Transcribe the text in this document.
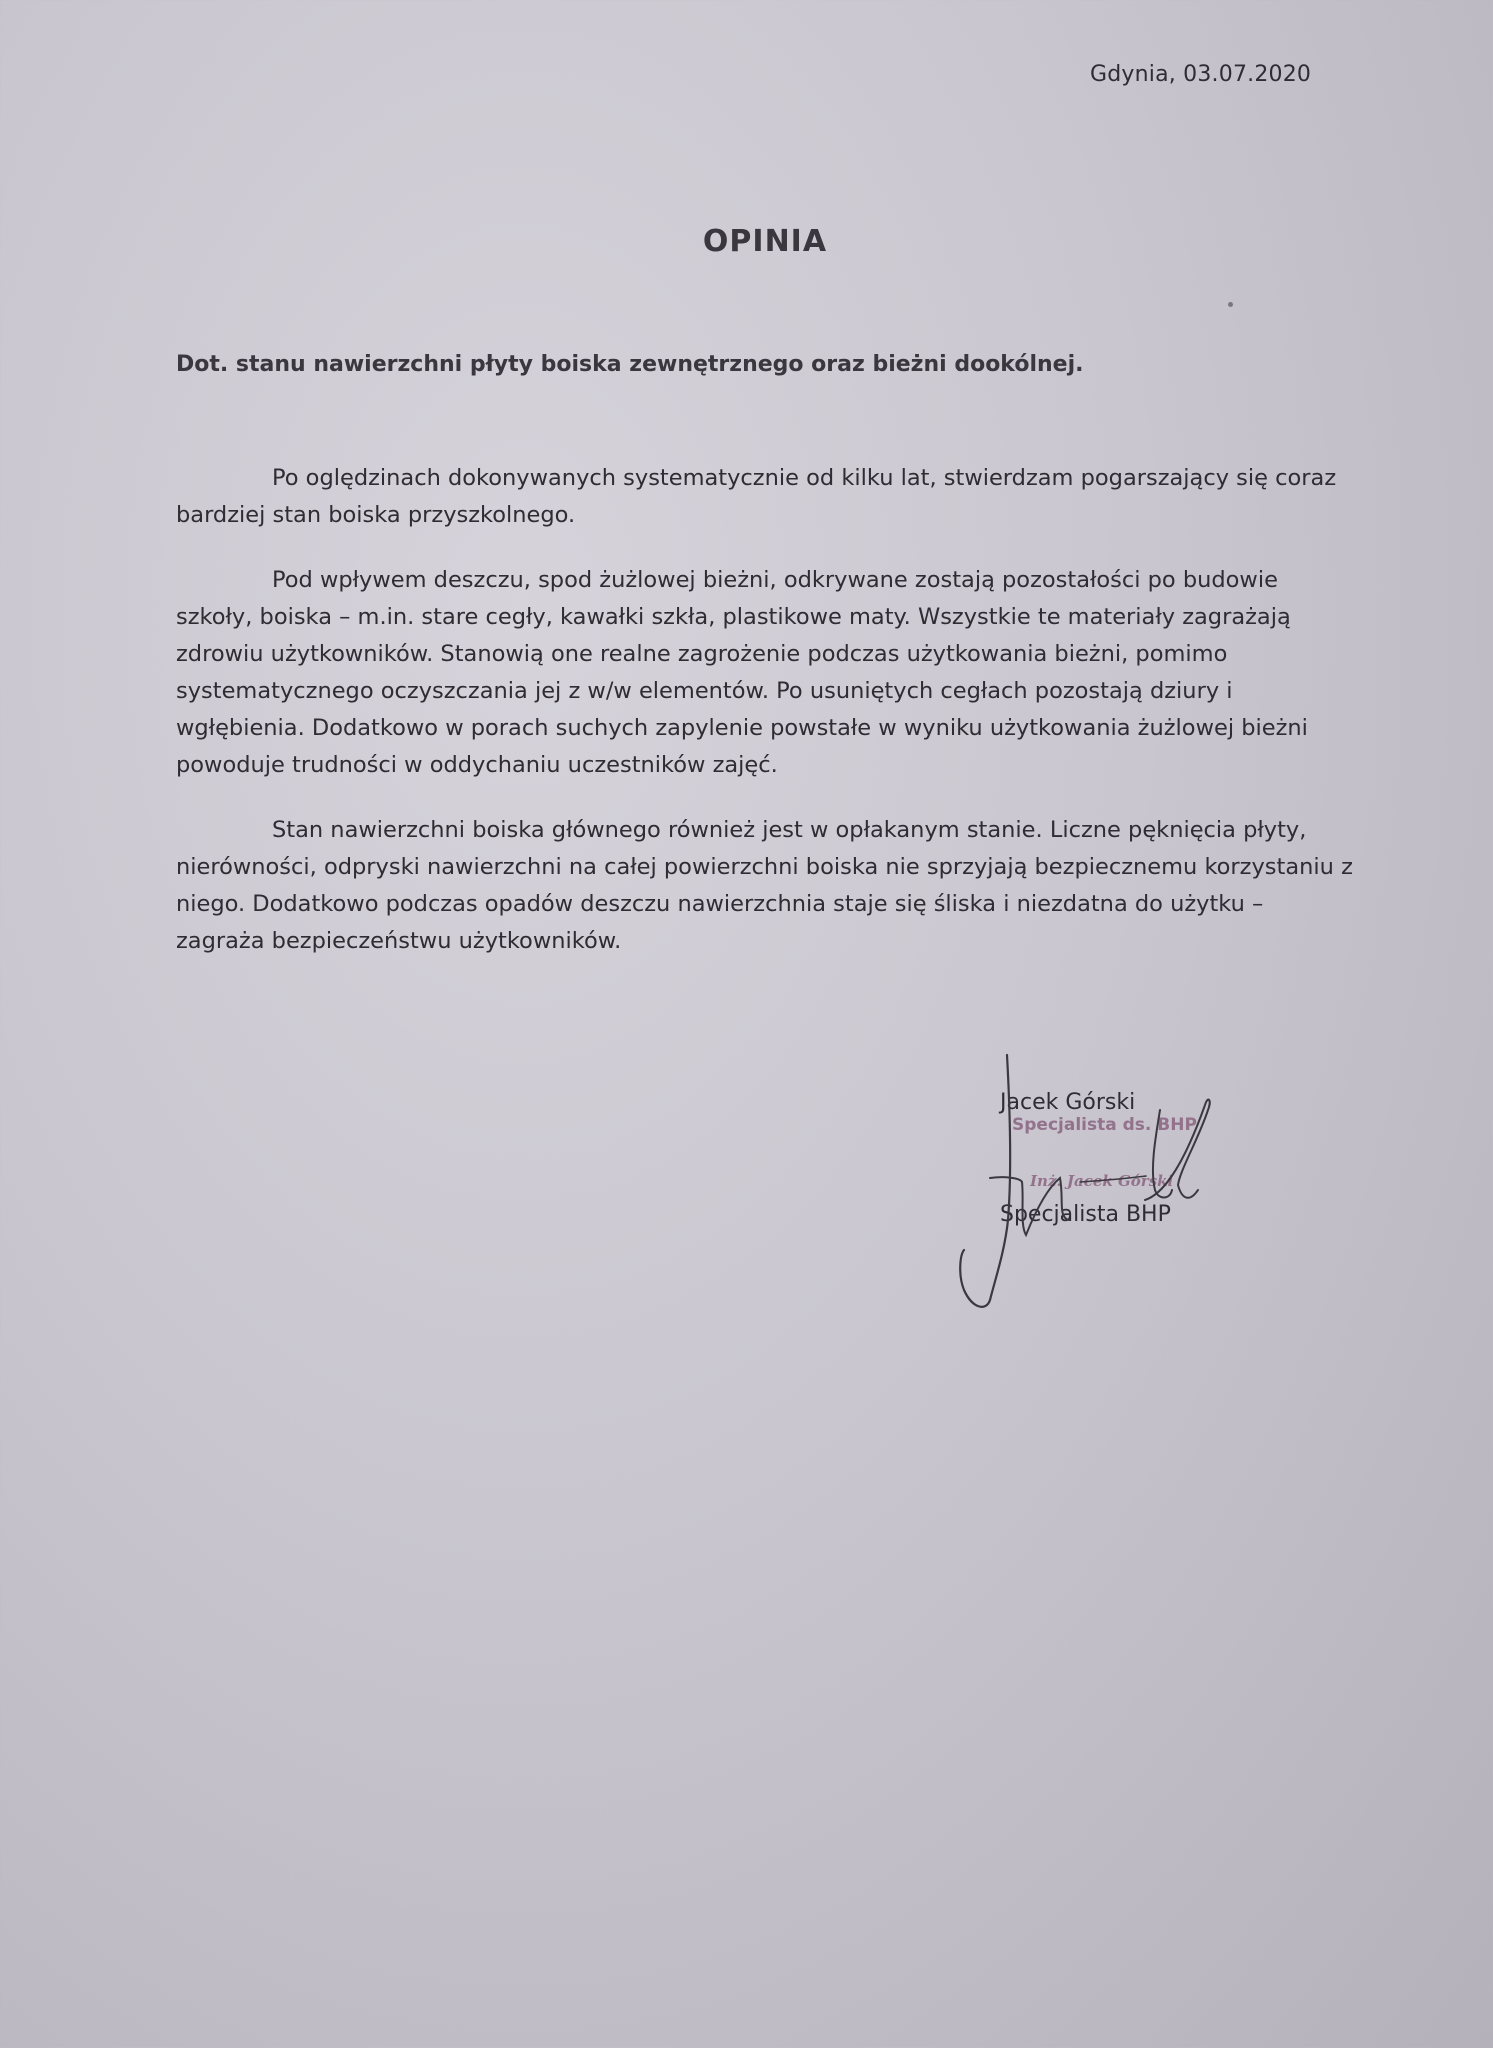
Gdynia, 03.07.2020
OPINIA
Dot. stanu nawierzchni płyty boiska zewnętrznego oraz bieżni dookólnej.

Po oględzinach dokonywanych systematycznie od kilku lat, stwierdzam pogarszający się coraz bardziej stan boiska przyszkolnego.

Pod wpływem deszczu, spod żużlowej bieżni, odkrywane zostają pozostałości po budowie szkoły, boiska – m.in. stare cegły, kawałki szkła, plastikowe maty. Wszystkie te materiały zagrażają zdrowiu użytkowników. Stanowią one realne zagrożenie podczas użytkowania bieżni, pomimo systematycznego oczyszczania jej z w/w elementów. Po usuniętych cegłach pozostają dziury i wgłębienia. Dodatkowo w porach suchych zapylenie powstałe w wyniku użytkowania żużlowej bieżni powoduje trudności w oddychaniu uczestników zajęć.

Stan nawierzchni boiska głównego również jest w opłakanym stanie. Liczne pęknięcia płyty, nierówności, odpryski nawierzchni na całej powierzchni boiska nie sprzyjają bezpiecznemu korzystaniu z niego. Dodatkowo podczas opadów deszczu nawierzchnia staje się śliska i niezdatna do użytku – zagraża bezpieczeństwu użytkowników.

Jacek Górski
Specjalista ds. BHP
Inż. Jacek Górski
Specjalista BHP
